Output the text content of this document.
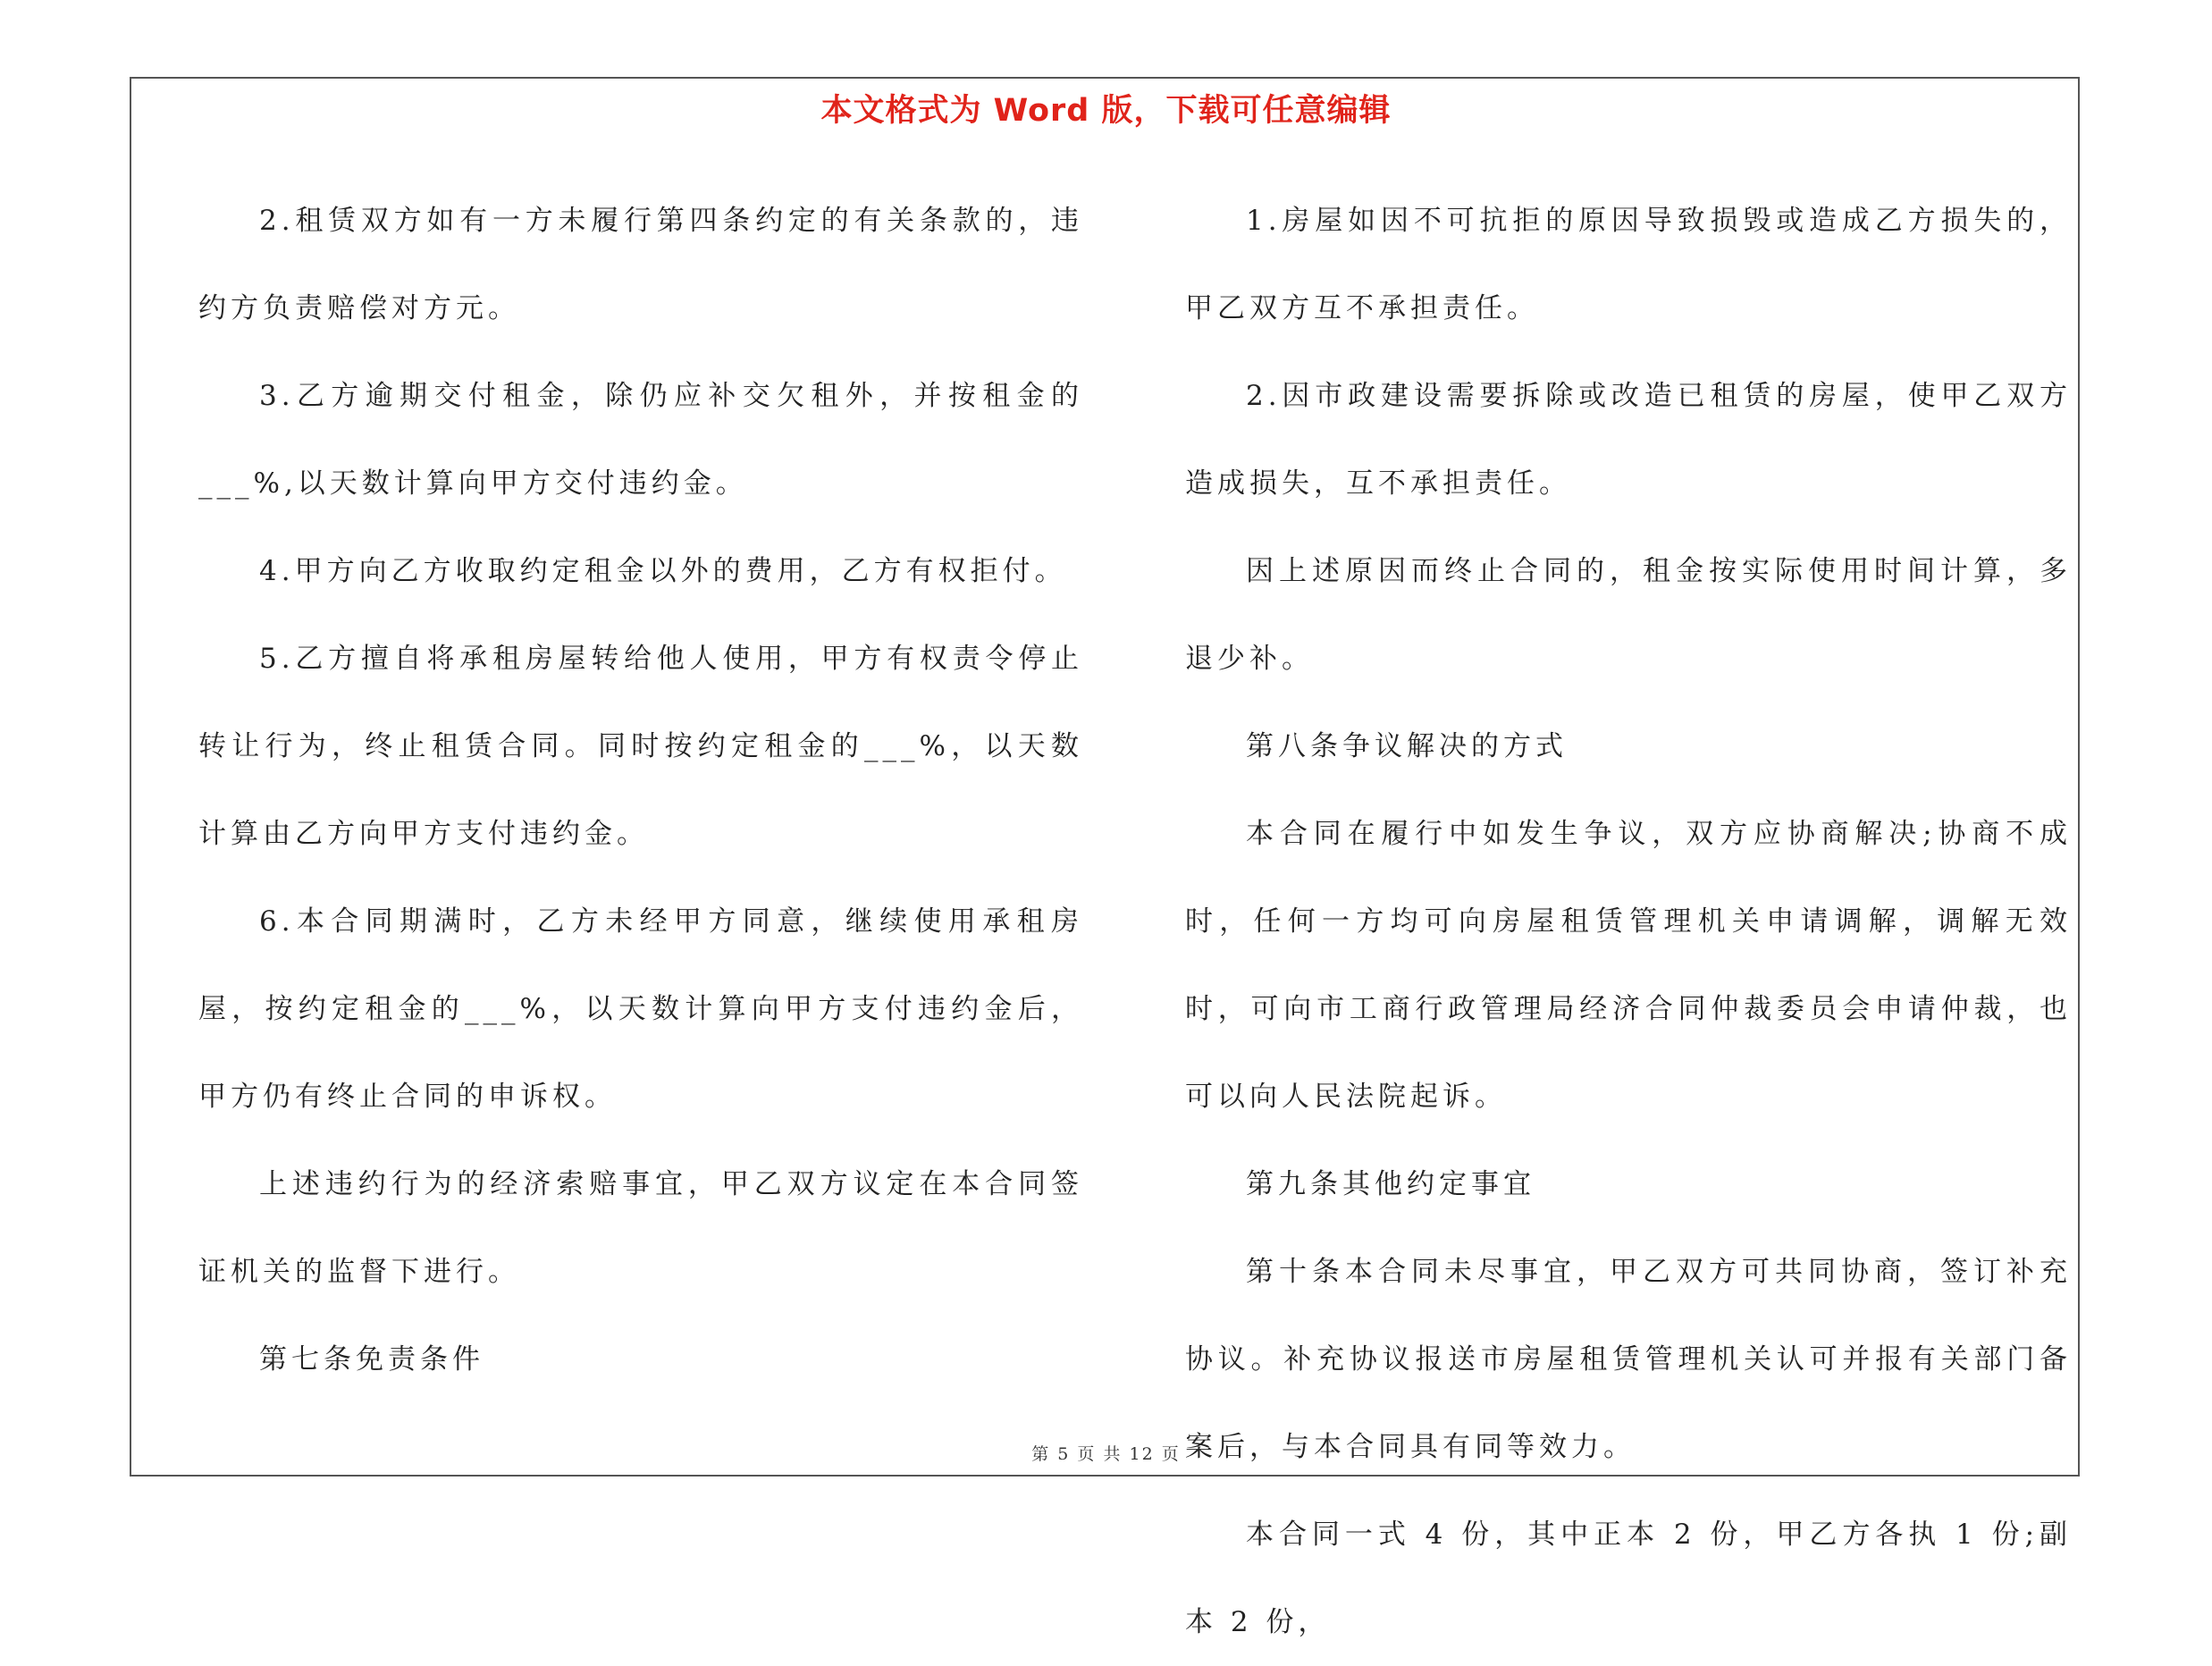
本文格式为 Word 版，下载可任意编辑

2.租赁双方如有一方未履行第四条约定的有关条款的，违约方负责赔偿对方元。

3.乙方逾期交付租金，除仍应补交欠租外，并按租金的___%,以天数计算向甲方交付违约金。

4.甲方向乙方收取约定租金以外的费用，乙方有权拒付。

5.乙方擅自将承租房屋转给他人使用，甲方有权责令停止转让行为，终止租赁合同。同时按约定租金的___%，以天数计算由乙方向甲方支付违约金。

6.本合同期满时，乙方未经甲方同意，继续使用承租房屋，按约定租金的___%，以天数计算向甲方支付违约金后，甲方仍有终止合同的申诉权。

上述违约行为的经济索赔事宜，甲乙双方议定在本合同签证机关的监督下进行。

第七条免责条件

1.房屋如因不可抗拒的原因导致损毁或造成乙方损失的，甲乙双方互不承担责任。

2.因市政建设需要拆除或改造已租赁的房屋，使甲乙双方造成损失，互不承担责任。

因上述原因而终止合同的，租金按实际使用时间计算，多退少补。

第八条争议解决的方式

本合同在履行中如发生争议，双方应协商解决;协商不成时，任何一方均可向房屋租赁管理机关申请调解，调解无效时，可向市工商行政管理局经济合同仲裁委员会申请仲裁，也可以向人民法院起诉。

第九条其他约定事宜

第十条本合同未尽事宜，甲乙双方可共同协商，签订补充协议。补充协议报送市房屋租赁管理机关认可并报有关部门备案后，与本合同具有同等效力。

本合同一式 4 份，其中正本 2 份，甲乙方各执 1 份;副本 2 份，

第 5 页 共 12 页
